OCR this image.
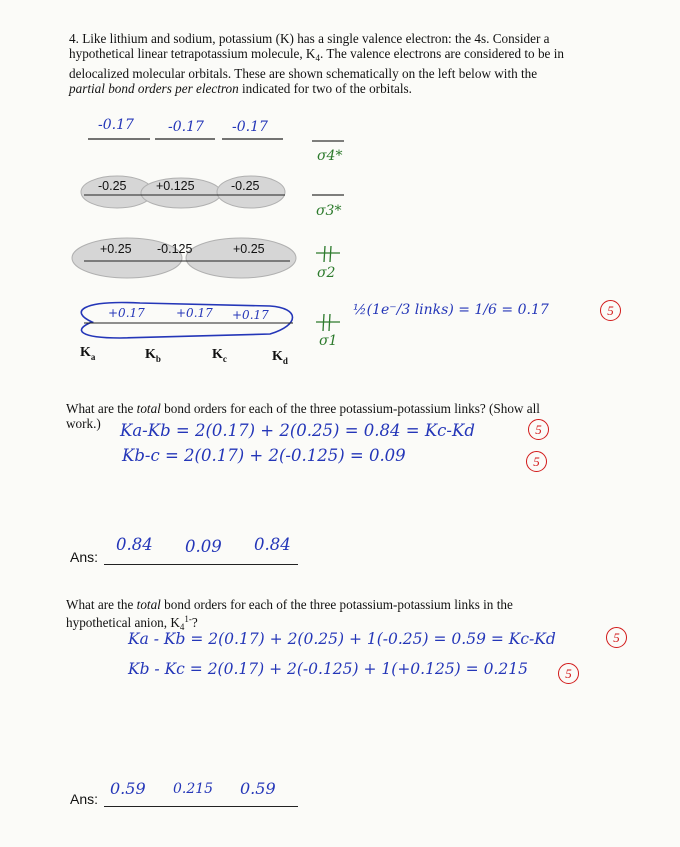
4. Like lithium and sodium, potassium (K) has a single valence electron: the 4s. Consider a

hypothetical linear tetrapotassium molecule, $K_4$. The valence electrons are considered to be in

delocalized molecular orbitals. These are shown schematically on the left below with the

partial bond orders per electron indicated for two of the orbitals.

-0.17 -0.17 -0.17
-0.25 +0.125	-0.25
+0.25 -0.125	+0.25
+0.17	+0.17 +0.17
$K_a$	$K_b$	$K_c$	$K_d$
σ4*
σ3*
σ2
σ1
½(1e⁻/3 links) = 1/6 = 0.17	5
What are the total bond orders for each of the three potassium-potassium links? (Show all
work.)	Ka-Kb = 2(0.17) + 2(0.25) = 0.84 = Kc-Kd	5
Kb-c = 2(0.17) + 2(-0.125) = 0.09	5
Ans:
0.84 0.09 0.84
What are the total bond orders for each of the three potassium-potassium links in the
hypothetical anion, $K_4^{1-}$?
Ka - Kb = 2(0.17) + 2(0.25) + 1(-0.25) = 0.59 = Kc-Kd	5
Kb - Kc = 2(0.17) + 2(-0.125) + 1(+0.125) = 0.215	5
Ans:
0.59 0.215 0.59
